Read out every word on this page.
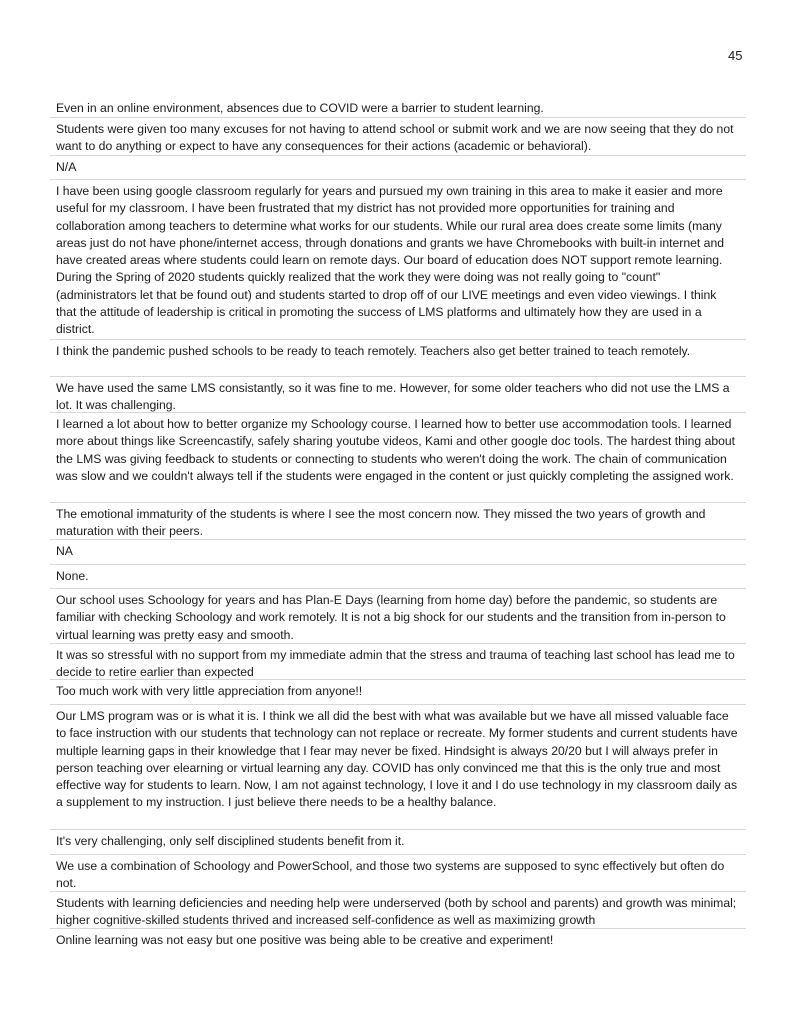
45
Even in an online environment, absences due to COVID were a barrier to student learning.
Students were given too many excuses for not having to attend school or submit work and we are now seeing that they do not want to do anything or expect to have any consequences for their actions (academic or behavioral).
N/A
I have been using google classroom regularly for years and pursued my own training in this area to make it easier and more useful for my classroom. I have been frustrated that my district has not provided more opportunities for training and collaboration among teachers to determine what works for our students. While our rural area does create some limits (many areas just do not have phone/internet access, through donations and grants we have Chromebooks with built-in internet and have created areas where students could learn on remote days. Our board of education does NOT support remote learning. During the Spring of 2020 students quickly realized that the work they were doing was not really going to "count" (administrators let that be found out) and students started to drop off of our LIVE meetings and even video viewings. I think that the attitude of leadership is critical in promoting the success of LMS platforms and ultimately how they are used in a district.
I think the pandemic pushed schools to be ready to teach remotely. Teachers also get better trained to teach remotely.
We have used the same LMS consistantly, so it was fine to me. However, for some older teachers who did not use the LMS a lot. It was challenging.
I learned a lot about how to better organize my Schoology course. I learned how to better use accommodation tools. I learned more about things like Screencastify, safely sharing youtube videos, Kami and other google doc tools. The hardest thing about the LMS was giving feedback to students or connecting to students who weren't doing the work. The chain of communication was slow and we couldn't always tell if the students were engaged in the content or just quickly completing the assigned work.
The emotional immaturity of the students is where I see the most concern now. They missed the two years of growth and maturation with their peers.
NA
None.
Our school uses Schoology for years and has Plan-E Days (learning from home day) before the pandemic, so students are familiar with checking Schoology and work remotely. It is not a big shock for our students and the transition from in-person to virtual learning was pretty easy and smooth.
It was so stressful with no support from my immediate admin that the stress and trauma of teaching last school has lead me to decide to retire earlier than expected
Too much work with very little appreciation from anyone!!
Our LMS program was or is what it is. I think we all did the best with what was available but we have all missed valuable face to face instruction with our students that technology can not replace or recreate. My former students and current students have multiple learning gaps in their knowledge that I fear may never be fixed. Hindsight is always 20/20 but I will always prefer in person teaching over elearning or virtual learning any day. COVID has only convinced me that this is the only true and most effective way for students to learn. Now, I am not against technology, I love it and I do use technology in my classroom daily as a supplement to my instruction. I just believe there needs to be a healthy balance.
It's very challenging, only self disciplined students benefit from it.
We use a combination of Schoology and PowerSchool, and those two systems are supposed to sync effectively but often do not.
Students with learning deficiencies and needing help were underserved (both by school and parents) and growth was minimal; higher cognitive-skilled students thrived and increased self-confidence as well as maximizing growth
Online learning was not easy but one positive was being able to be creative and experiment!
